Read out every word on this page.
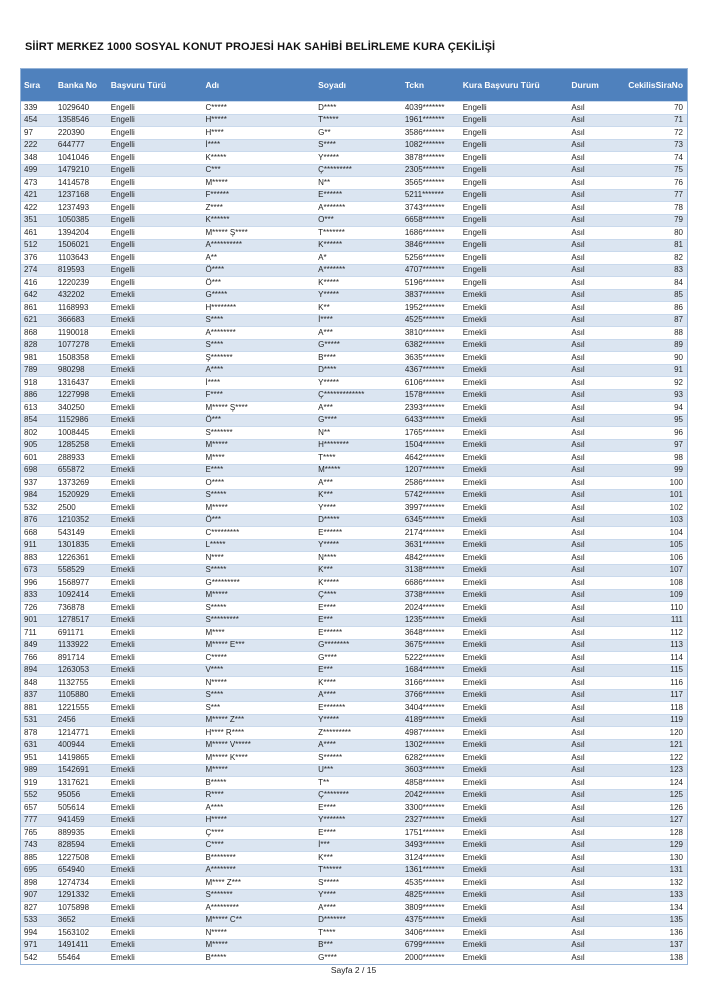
SİİRT MERKEZ 1000 SOSYAL KONUT PROJESİ HAK SAHİBİ BELİRLEME KURA ÇEKİLİŞİ
Sıra	Banka No	Başvuru Türü	Adı	Soyadı	Tckn	Kura Başvuru Türü	Durum	CekilisSiraNo
339	1029640	Engelli	C*****	D****	4039*******	Engelli	Asıl	70
454	1358546	Engelli	H*****	T*****	1961*******	Engelli	Asıl	71
97	220390	Engelli	H****	G**	3586*******	Engelli	Asıl	72
222	644777	Engelli	İ****	S****	1082*******	Engelli	Asıl	73
348	1041046	Engelli	K*****	Y*****	3878*******	Engelli	Asıl	74
499	1479210	Engelli	C***	Ç*********	2305*******	Engelli	Asıl	75
473	1414578	Engelli	M*****	N**	3565*******	Engelli	Asıl	76
421	1237168	Engelli	F******	E******	5211*******	Engelli	Asıl	77
422	1237493	Engelli	Z****	A*******	3743*******	Engelli	Asıl	78
351	1050385	Engelli	K******	O***	6658*******	Engelli	Asıl	79
461	1394204	Engelli	M***** Ş****	T*******	1686*******	Engelli	Asıl	80
512	1506021	Engelli	A**********	K******	3846*******	Engelli	Asıl	81
376	1103643	Engelli	A**	A*	5256*******	Engelli	Asıl	82
274	819593	Engelli	Ö****	A*******	4707*******	Engelli	Asıl	83
416	1220239	Engelli	Ö***	K*****	5196*******	Engelli	Asıl	84
642	432202	Emekli	G*****	Y*****	3837*******	Emekli	Asıl	85
861	1168993	Emekli	H********	K**	1952*******	Emekli	Asıl	86
621	366683	Emekli	S****	İ****	4525*******	Emekli	Asıl	87
868	1190018	Emekli	A********	A***	3810*******	Emekli	Asıl	88
828	1077278	Emekli	S****	G*****	6382*******	Emekli	Asıl	89
981	1508358	Emekli	Ş*******	B****	3635*******	Emekli	Asıl	90
789	980298	Emekli	A****	D****	4367*******	Emekli	Asıl	91
918	1316437	Emekli	İ****	Y*****	6106*******	Emekli	Asıl	92
886	1227998	Emekli	F****	Ç*************	1578*******	Emekli	Asıl	93
613	340250	Emekli	M***** Ş****	A***	2393*******	Emekli	Asıl	94
854	1152986	Emekli	Ö***	G****	6433*******	Emekli	Asıl	95
802	1008445	Emekli	S*******	N**	1765*******	Emekli	Asıl	96
905	1285258	Emekli	M*****	H********	1504*******	Emekli	Asıl	97
601	288933	Emekli	M****	T****	4642*******	Emekli	Asıl	98
698	655872	Emekli	E****	M*****	1207*******	Emekli	Asıl	99
937	1373269	Emekli	O****	A***	2586*******	Emekli	Asıl	100
984	1520929	Emekli	S*****	K***	5742*******	Emekli	Asıl	101
532	2500	Emekli	M*****	Y****	3997*******	Emekli	Asıl	102
876	1210352	Emekli	Ö***	D*****	6345*******	Emekli	Asıl	103
668	543149	Emekli	C*********	E******	2174*******	Emekli	Asıl	104
911	1301835	Emekli	L*****	Y*****	3631*******	Emekli	Asıl	105
883	1226361	Emekli	N****	N****	4842*******	Emekli	Asıl	106
673	558529	Emekli	S*****	K***	3138*******	Emekli	Asıl	107
996	1568977	Emekli	G*********	K*****	6686*******	Emekli	Asıl	108
833	1092414	Emekli	M*****	Ç****	3738*******	Emekli	Asıl	109
726	736878	Emekli	S*****	E****	2024*******	Emekli	Asıl	110
901	1278517	Emekli	S*********	E***	1235*******	Emekli	Asıl	111
711	691171	Emekli	M****	E******	3648*******	Emekli	Asıl	112
849	1133922	Emekli	M***** E***	G********	3675*******	Emekli	Asıl	113
766	891714	Emekli	C*****	G****	5222*******	Emekli	Asıl	114
894	1263053	Emekli	V****	E***	1684*******	Emekli	Asıl	115
848	1132755	Emekli	N*****	K****	3166*******	Emekli	Asıl	116
837	1105880	Emekli	S****	A****	3766*******	Emekli	Asıl	117
881	1221555	Emekli	S***	E*******	3404*******	Emekli	Asıl	118
531	2456	Emekli	M***** Z***	Y*****	4189*******	Emekli	Asıl	119
878	1214771	Emekli	H**** R****	Z*********	4987*******	Emekli	Asıl	120
631	400944	Emekli	M***** V*****	A****	1302*******	Emekli	Asıl	121
951	1419865	Emekli	M***** K****	S******	6282*******	Emekli	Asıl	122
989	1542691	Emekli	M*****	U***	3603*******	Emekli	Asıl	123
919	1317621	Emekli	B*****	T**	4858*******	Emekli	Asıl	124
552	95056	Emekli	R****	Ç********	2042*******	Emekli	Asıl	125
657	505614	Emekli	A****	E****	3300*******	Emekli	Asıl	126
777	941459	Emekli	H*****	Y*******	2327*******	Emekli	Asıl	127
765	889935	Emekli	Ç****	E****	1751*******	Emekli	Asıl	128
743	828594	Emekli	C****	İ***	3493*******	Emekli	Asıl	129
885	1227508	Emekli	B********	K***	3124*******	Emekli	Asıl	130
695	654940	Emekli	A********	T******	1361*******	Emekli	Asıl	131
898	1274734	Emekli	M**** Z***	S*****	4535*******	Emekli	Asıl	132
907	1291332	Emekli	S*******	Y****	4825*******	Emekli	Asıl	133
827	1075898	Emekli	A*********	A****	3809*******	Emekli	Asıl	134
533	3652	Emekli	M***** C**	D*******	4375*******	Emekli	Asıl	135
994	1563102	Emekli	N*****	T****	3406*******	Emekli	Asıl	136
971	1491411	Emekli	M*****	B***	6799*******	Emekli	Asıl	137
542	55464	Emekli	B*****	G****	2000*******	Emekli	Asıl	138
Sayfa 2 / 15
